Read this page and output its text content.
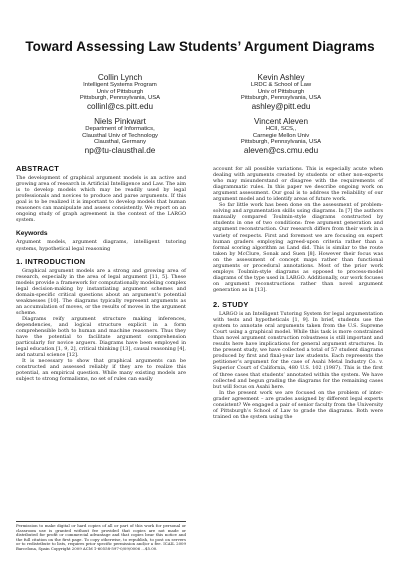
Toward Assessing Law Students’ Argument Diagrams
Collin Lynch
Intelligent Systems Program
Univ of Pittsburgh
Pittsburgh, Pennsylvania, USA
collinl@cs.pitt.edu
Kevin Ashley
LRDC & School of Law
Univ of Pittsburgh
Pittsburgh, Pennsylvania, USA
ashley@pitt.edu
Niels Pinkwart
Department of Informatics,
Clausthal Univ of Technology
Clausthal, Germany
np@tu-clausthal.de
Vincent Aleven
HCII, SCS,,
Carnegie Mellon Univ
Pittsburgh, Pennsylvania, USA
aleven@cs.cmu.edu
ABSTRACT

The development of graphical argument models is an active and growing area of research in Artificial Intelligence and Law. The aim is to develop models which may be readily used by legal professionals and novices to produce and parse arguments. If this goal is to be realized it is important to develop models that human reasoners can manipulate and assess consistently. We report on an ongoing study of graph agreement in the context of the LARGO system.

Keywords

Argument models, argument diagrams, intelligent tutoring systems, hypothetical legal reasoning

1. INTRODUCTION

Graphical argument models are a strong and growing area of research, especially in the area of legal argument [11, 5]. These models provide a framework for computationally modeling complex legal decision-making by instantiating argument schemes and domain-specific critical questions about an argument’s potential weaknesses [10]. The diagrams typically represent arguments as an accumulation of moves, or the results of moves in the argument scheme.

Diagrams reify argument structure making inferences, dependencies, and logical structure explicit in a form comprehensible both to human and machine reasoners. Thus they have the potential to facilitate argument comprehension particularly for novice arguers. Diagrams have been employed in legal education [1, 9, 2], critical thinking [13], causal reasoning [4], and natural science [12].

It is necessary to show that graphical arguments can be constructed and assessed reliably if they are to realize this potential, an empirical question. While many existing models are subject to strong formalisms, no set of rules can easily

account for all possible variations. This is especially acute when dealing with arguments created by students or other non-experts who may misunderstand or disagree with the requirements of diagrammatic rules. In this paper we describe ongoing work on argument assessment. Our goal is to address the reliability of our argument model and to identify areas of future work.

So far little work has been done on the assessment of problem-solving and argumentation skills using diagrams. In [7] the authors manually compared Toulmin-style diagrams constructed by students in one of two conditions: free argument generation and argument reconstruction. Our research differs from their work in a variety of respects. First and foremost we are focusing on expert human graders employing agreed-upon criteria rather than a formal scoring algorithm as Land did. This is similar to the route taken by McClure, Sonak and Suen [8]. However their focus was on the assessment of concept maps rather than functional arguments or procedural annotations. Most of the prior work employs Toulmin-style diagrams as opposed to process-model diagrams of the type used in LARGO. Additionally, our work focuses on argument reconstructions rather than novel argument generation as in [13].

2. STUDY

LARGO is an Intelligent Tutoring System for legal argumentation with tests and hypotheticals [1, 9]. In brief, students use the system to annotate oral arguments taken from the U.S. Supreme Court using a graphical model. While this task is more constrained than novel argument construction robustness is still important and results here have implications for general argument structures. In the present study, we have collected a total of 57 student diagrams produced by first and final-year law students. Each represents the petitioner’s argument for the case of Asahi Metal Industry Co. v. Superior Court of California, 480 U.S. 102 (1987). This is the first of three cases that students’ annotated within the system. We have collected and begun grading the diagrams for the remaining cases but will focus on Asahi here.

In the present work we are focused on the problem of inter-grader agreement – are grades assigned by different legal experts consistent? We engaged a pair of senior faculty from the University of Pittsburgh’s School of Law to grade the diagrams. Both were trained on the system using the

Permission to make digital or hard copies of all or part of this work for personal or classroom use is granted without fee provided that copies are not made or distributed for profit or commercial advantage and that copies bear this notice and the full citation on the first page. To copy otherwise, to republish, to post on servers or to redistribute to lists, requires prior specific permission and/or a fee. ICAIL 2009 Barcelona, Spain Copyright 2009 ACM 1-60558-597-0/09/0006 ...$5.00.
